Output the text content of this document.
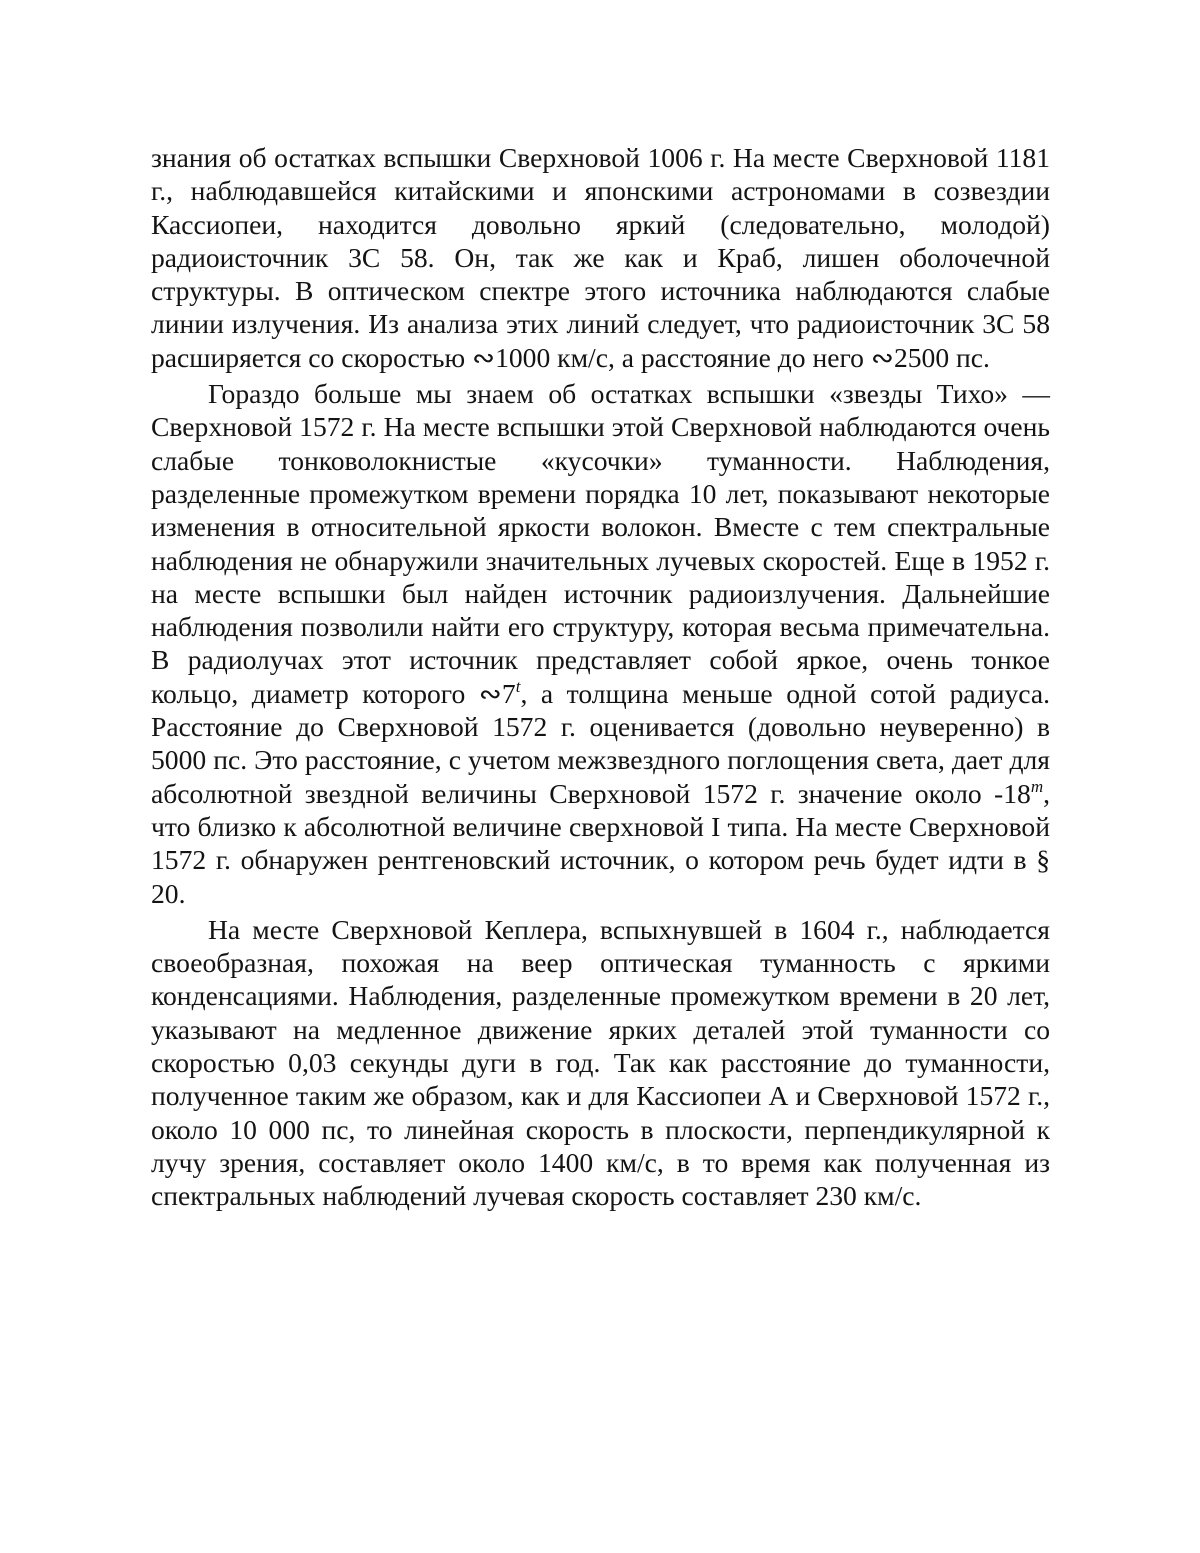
знания об остатках вспышки Сверхновой 1006 г. На месте Сверхновой 1181 г., наблюдавшейся китайскими и японскими астрономами в созвездии Кассиопеи, находится довольно яркий (следовательно, молодой) радиоисточник 3С 58. Он, так же как и Краб, лишен оболочечной структуры. В оптическом спектре этого источника наблюдаются слабые линии излучения. Из анализа этих линий следует, что радиоисточник 3С 58 расширяется со скоростью ∾1000 км/с, а расстояние до него ∾2500 пс.

Гораздо больше мы знаем об остатках вспышки «звезды Тихо» — Сверхновой 1572 г. На месте вспышки этой Сверхновой наблюдаются очень слабые тонковолокнистые «кусочки» туманности. Наблюдения, разделенные промежутком времени порядка 10 лет, показывают некоторые изменения в относительной яркости волокон. Вместе с тем спектральные наблюдения не обнаружили значительных лучевых скоростей. Еще в 1952 г. на месте вспышки был найден источник радиоизлучения. Дальнейшие наблюдения позволили найти его структуру, которая весьма примечательна. В радиолучах этот источник представляет собой яркое, очень тонкое кольцо, диаметр которого ∾7$^t$, а толщина меньше одной сотой радиуса. Расстояние до Сверхновой 1572 г. оценивается (довольно неуверенно) в 5000 пс. Это расстояние, с учетом межзвездного поглощения света, дает для абсолютной звездной величины Сверхновой 1572 г. значение около -18$^m$, что близко к абсолютной величине сверхновой I типа. На месте Сверхновой 1572 г. обнаружен рентгеновский источник, о котором речь будет идти в § 20.

На месте Сверхновой Кеплера, вспыхнувшей в 1604 г., наблюдается своеобразная, похожая на веер оптическая туманность с яркими конденсациями. Наблюдения, разделенные промежутком времени в 20 лет, указывают на медленное движение ярких деталей этой туманности со скоростью 0,03 секунды дуги в год. Так как расстояние до туманности, полученное таким же образом, как и для Кассиопеи А и Сверхновой 1572 г., около 10 000 пс, то линейная скорость в плоскости, перпендикулярной к лучу зрения, составляет около 1400 км/с, в то время как полученная из спектральных наблюдений лучевая скорость составляет 230 км/с.
